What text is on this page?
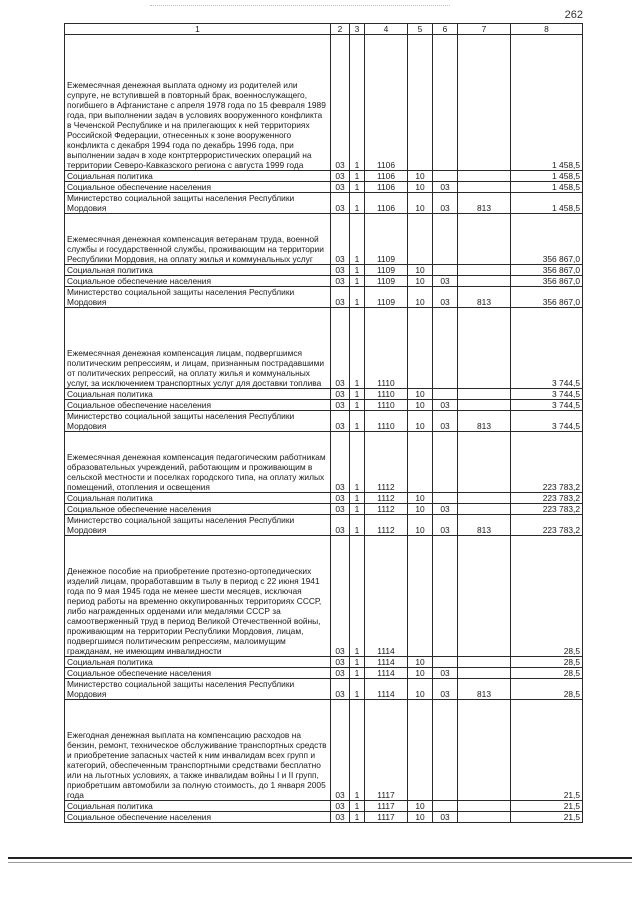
262
1	2	3	4	5	6	7	8
Ежемесячная денежная выплата одному из родителей или супруге, не вступившей в повторный брак, военнослужащего, погибшего в Афганистане с апреля 1978 года по 15 февраля 1989 года, при выполнении задач в условиях вооруженного конфликта в Чеченской Республике и на прилегающих к ней территориях Российской Федерации, отнесенных к зоне вооруженного конфликта с декабря 1994 года по декабрь 1996 года, при выполнении задач в ходе контртеррористических операций на территории Северо-Кавказского региона с августа 1999 года	03	1	1106				1 458,5
Социальная политика	03	1	1106	10			1 458,5
Социальное обеспечение населения	03	1	1106	10	03		1 458,5
Министерство социальной защиты населения Республики Мордовия	03	1	1106	10	03	813	1 458,5
Ежемесячная денежная компенсация ветеранам труда, военной службы и государственной службы, проживающим на территории Республики Мордовия, на оплату жилья и коммунальных услуг	03	1	1109				356 867,0
Социальная политика	03	1	1109	10			356 867,0
Социальное обеспечение населения	03	1	1109	10	03		356 867,0
Министерство социальной защиты населения Республики Мордовия	03	1	1109	10	03	813	356 867,0
Ежемесячная денежная компенсация лицам, подвергшимся политическим репрессиям, и лицам, признанным пострадавшими от политических репрессий, на оплату жилья и коммунальных услуг, за исключением транспортных услуг для доставки топлива	03	1	1110				3 744,5
Социальная политика	03	1	1110	10			3 744,5
Социальное обеспечение населения	03	1	1110	10	03		3 744,5
Министерство социальной защиты населения Республики Мордовия	03	1	1110	10	03	813	3 744,5
Ежемесячная денежная компенсация педагогическим работникам образовательных учреждений, работающим и проживающим в сельской местности и поселках городского типа, на оплату жилых помещений, отопления и освещения	03	1	1112				223 783,2
Социальная политика	03	1	1112	10			223 783,2
Социальное обеспечение населения	03	1	1112	10	03		223 783,2
Министерство социальной защиты населения Республики Мордовия	03	1	1112	10	03	813	223 783,2
Денежное пособие на приобретение протезно-ортопедических изделий лицам, проработавшим в тылу в период с 22 июня 1941 года по 9 мая 1945 года не менее шести месяцев, исключая период работы на временно оккупированных территориях СССР, либо награжденных орденами или медалями СССР за самоотверженный труд в период Великой Отечественной войны, проживающим на территории Республики Мордовия, лицам, подвергшимся политическим репрессиям, малоимущим гражданам, не имеющим инвалидности	03	1	1114				28,5
Социальная политика	03	1	1114	10			28,5
Социальное обеспечение населения	03	1	1114	10	03		28,5
Министерство социальной защиты населения Республики Мордовия	03	1	1114	10	03	813	28,5
Ежегодная денежная выплата на компенсацию расходов на бензин, ремонт, техническое обслуживание транспортных средств и приобретение запасных частей к ним инвалидам всех групп и категорий, обеспеченным транспортными средствами бесплатно или на льготных условиях, а также инвалидам войны I и II групп, приобретшим автомобили за полную стоимость, до 1 января 2005 года	03	1	1117				21,5
Социальная политика	03	1	1117	10			21,5
Социальное обеспечение населения	03	1	1117	10	03		21,5
